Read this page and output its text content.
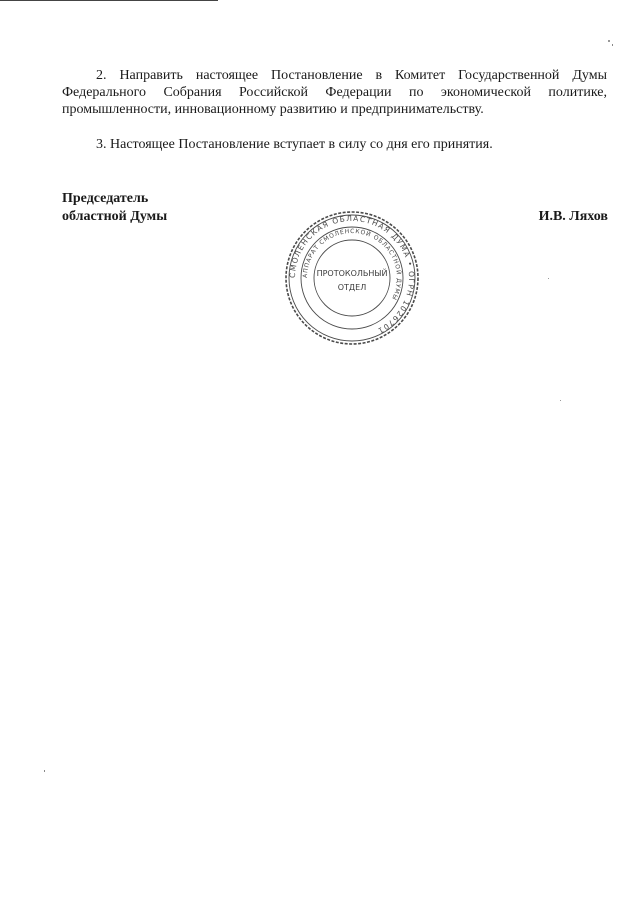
2. Направить настоящее Постановление в Комитет Государственной Думы Федерального Собрания Российской Федерации по экономической политике, промышленности, инновационному развитию и предпринимательству.

3. Настоящее Постановление вступает в силу со дня его принятия.

Председатель
областной Думы	И.В. Ляхов
СМОЛЕНСКАЯ ОБЛАСТНАЯ ДУМА • ОГРН 1026701
АППАРАТ СМОЛЕНСКОЙ ОБЛАСТНОЙ ДУМЫ
ПРОТОКОЛЬНЫЙ
ОТДЕЛ
